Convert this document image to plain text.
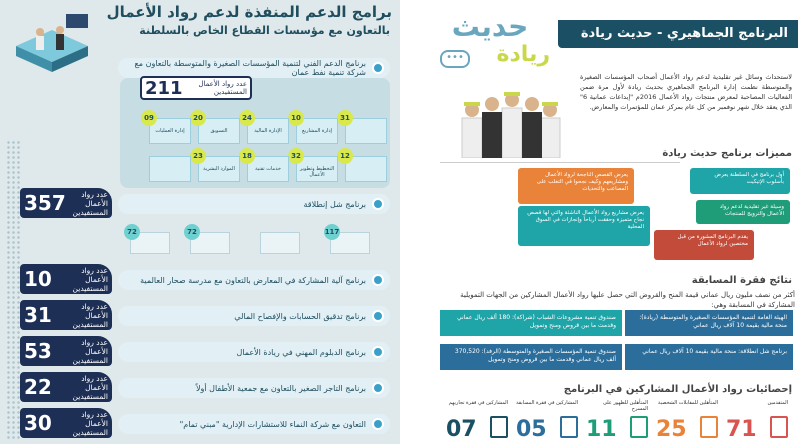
برامج الدعم المنفذة لدعم رواد الأعمال
بالتعاون مع مؤسسات القطاع الخاص بالسلطنة
برنامج الدعم الفني لتنمية المؤسسات الصغيرة والمتوسطة بالتعاون مع شركة تنمية نفط عمان
عدد رواد الأعمال المستفيدين
211
31
إدارة المشاريع
10
الإدارة المالية
24
التسويق
20
إدارة العمليات
09
12
التخطيط وتطوير الأعمال
32
خدمات تقنية
18
الموارد البشرية
23
عدد رواد الأعمال المستفيدين
357	برنامج شل إنطلاقة
72	72	117
برنامج آلية المشاركة في المعارض بالتعاون مع مدرسة صحار العالمية
عدد رواد الأعمال المستفيدين
10
برنامج تدقيق الحسابات والإفصاح المالي
عدد رواد الأعمال المستفيدين
31
برنامج الدبلوم المهني في ريادة الأعمال
عدد رواد الأعمال المستفيدين
53
برنامج التاجر الصغير بالتعاون مع جمعية الأطفال أولاً
عدد رواد الأعمال المستفيدين
22
التعاون مع شركة النماء للاستشارات الإدارية "مبني تمام"
عدد رواد الأعمال المستفيدين
30
البرنامج الجماهيري - حديث ريادة
حديث
ريادة
•••
لاستحداث وسائل غير تقليدية لدعم رواد الأعمال أصحاب المؤسسات الصغيرة والمتوسطة نظمت إدارة البرنامج الجماهيري بحديث ريادة لأول مرة ضمن الفعاليات المصاحبة لمعرض منتجات رواد الأعمال 2016م "إبداعات عمانية 6" الذي يعقد خلال شهر نوفمبر من كل عام بمركز عمان للمؤتمرات والمعارض.
مميزات برنامج حديث ريادة
أول برنامج في السلطنة يعرض بأسلوب الإتيكيت
يعرض القصص الناجحة لرواد الأعمال ومشاريعهم وكيف نجحوا في التغلب على المصاعب والتحديات
وسيلة غير تقليدية لدعم رواد الأعمال والترويج للمنتجات
يعرض مشاريع رواد الأعمال الناشئة والتي لها قصص نجاح متميزة وحققت أرباحاً وإنجازات في السوق المحلية
يقدم البرنامج المشورة من قبل مختصين لرواد الأعمال
نتائج فقرة المسابقة
أكثر من نصف مليون ريال عماني قيمة المنح والقروض التي حصل عليها رواد الأعمال المشاركين من الجهات التمويلية المشاركة في المسابقة وهي:
الهيئة العامة لتنمية المؤسسات الصغيرة والمتوسطة (ريادة): منحة مالية بقيمة 10 آلاف ريال عماني
صندوق تنمية مشروعات الشباب (شراكة): 180 ألف ريال عماني وقدمت ما بين قروض ومنح وتمويل
برنامج شل انطلاقة: منحة مالية بقيمة 10 آلاف ريال عماني
صندوق تنمية المؤسسات الصغيرة والمتوسطة (الرفد): 370,520 ألف ريال عماني وقدمت ما بين قروض ومنح وتمويل
إحصائيات رواد الأعمال المشاركين في البرنامج
المتقدمين
71
المتأهلين للمقابلات الشخصية
25
المتأهلين للظهور على المسرح
11
المشاركين في فقرة المسابقة
05
المشاركين في فقرة تجاربهم
07
